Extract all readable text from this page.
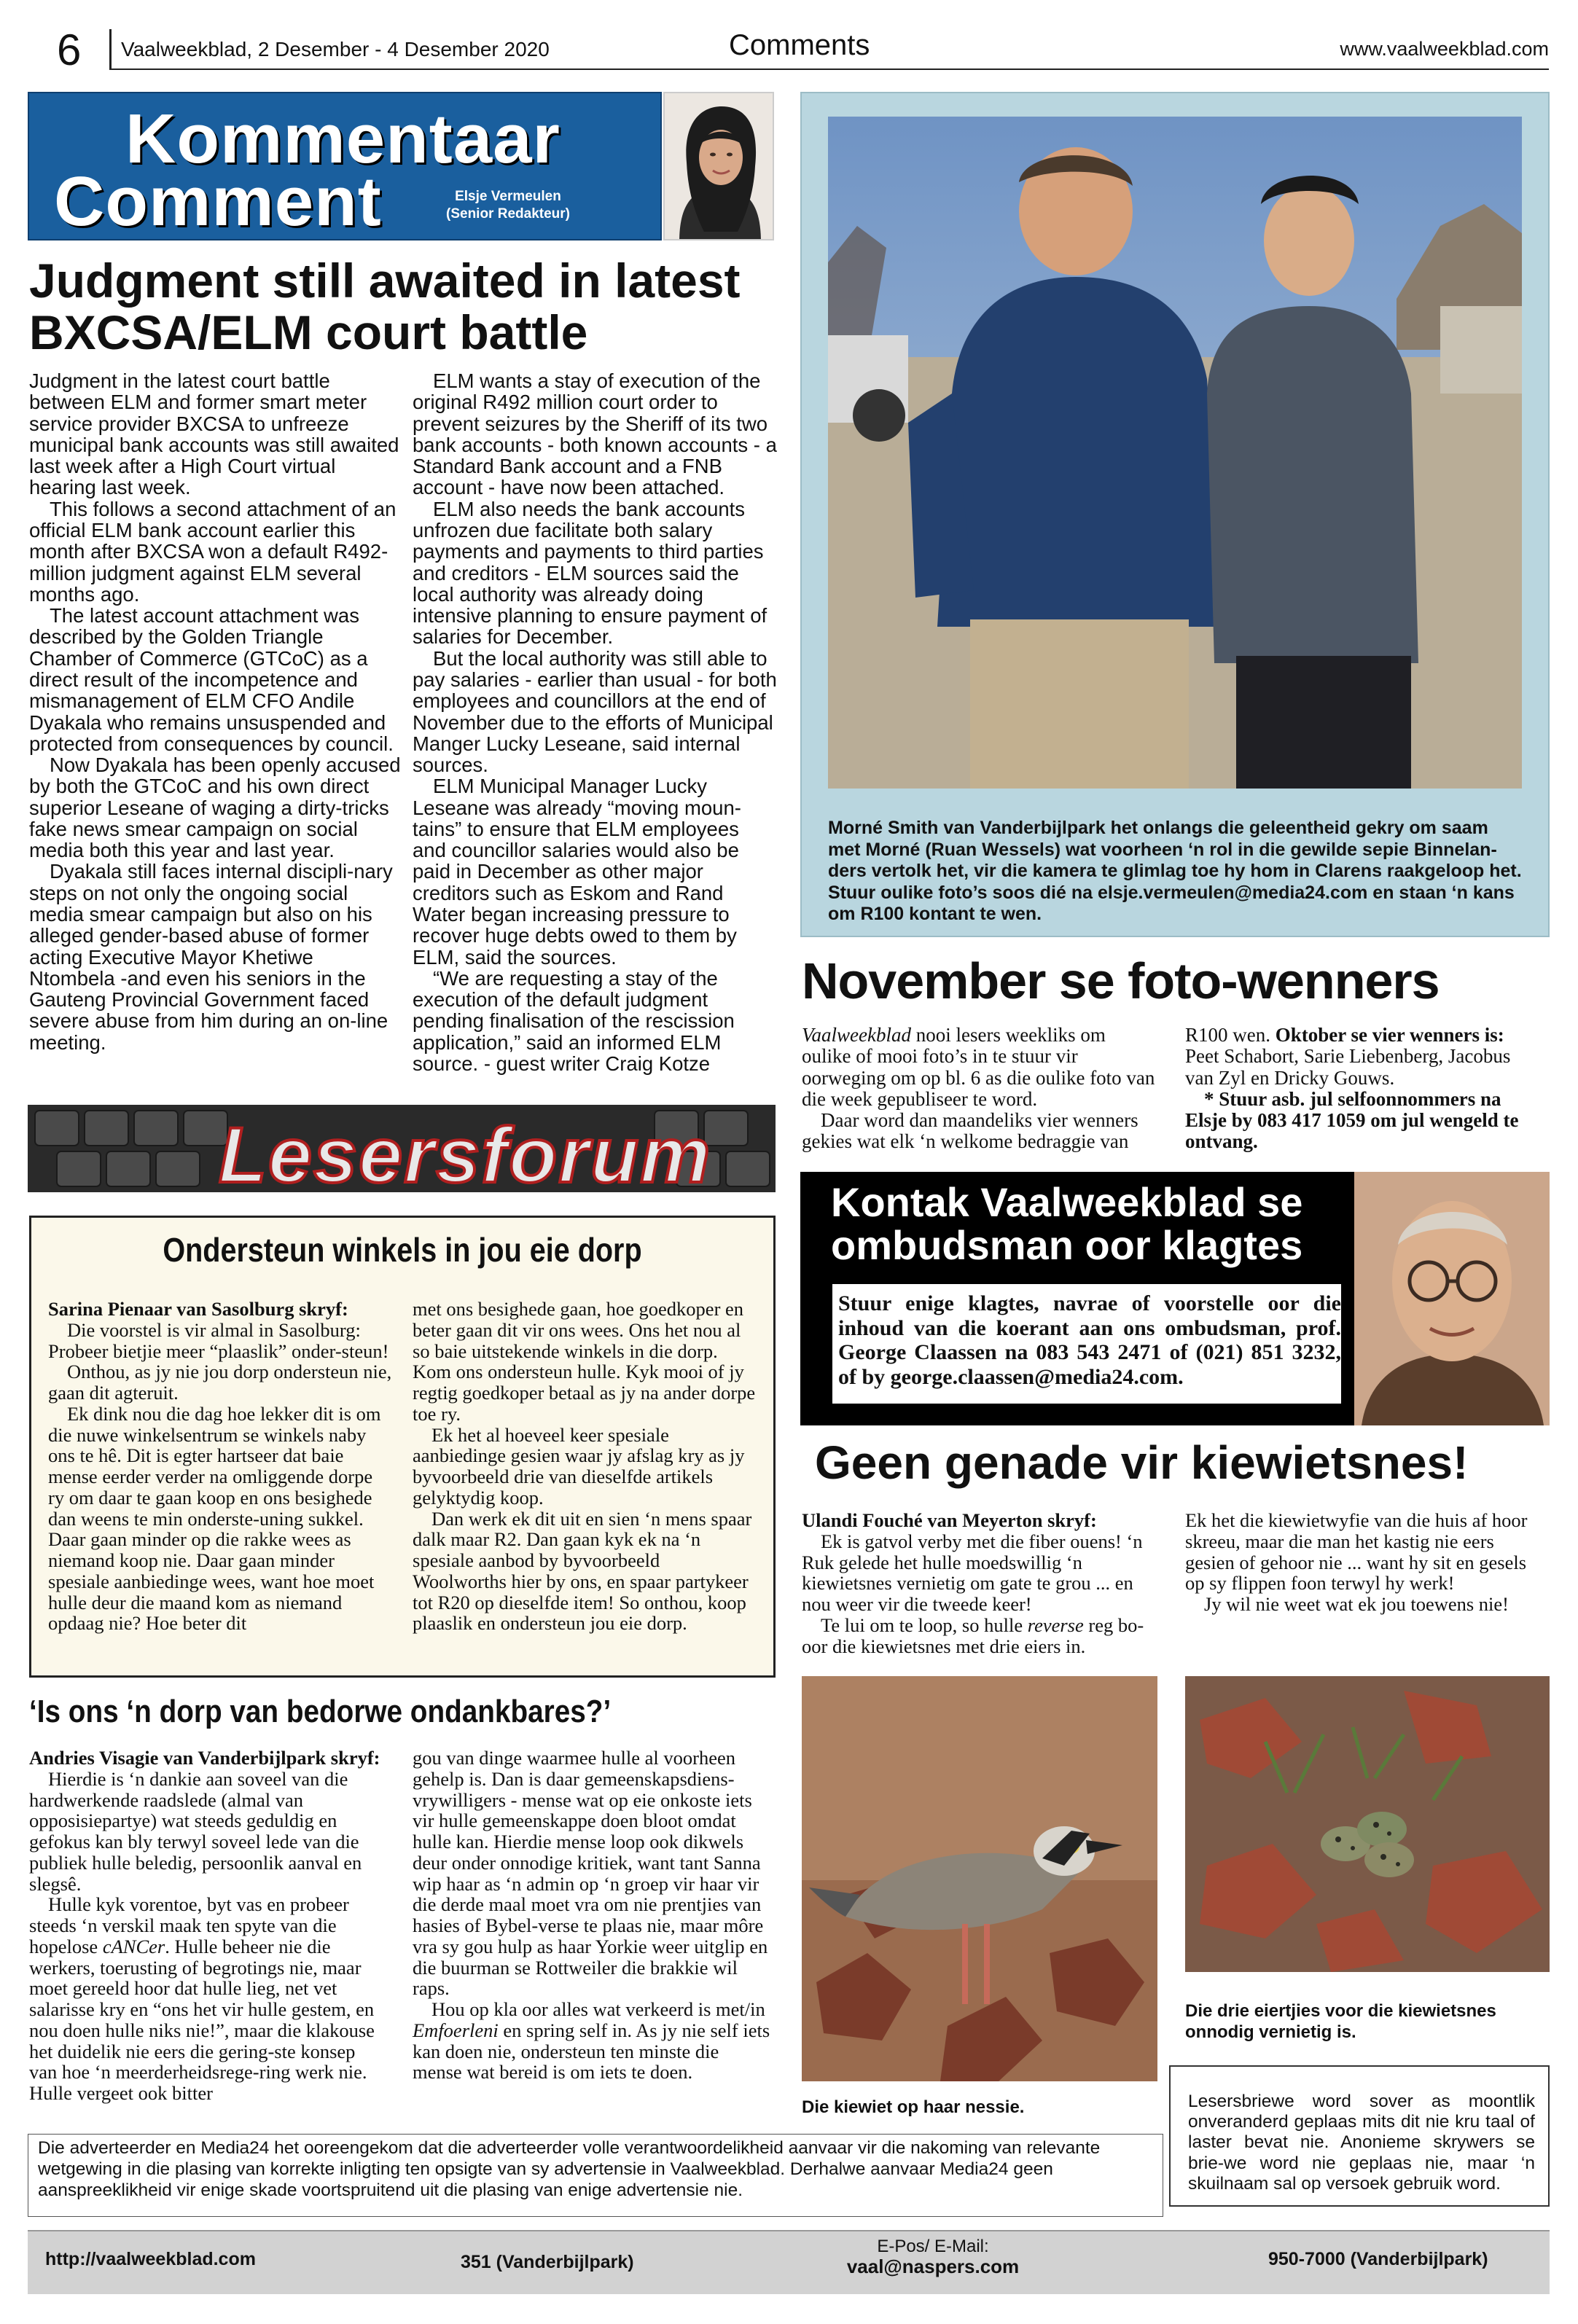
6 Vaalweekblad, 2 Desember - 4 Desember 2020	Comments	www.vaalweekblad.com
Kommentaar
Comment	Elsje Vermeulen
(Senior Redakteur)
Judgment still awaited in latest BXCSA/ELM court battle

Judgment in the latest court battle between ELM and former smart meter service provider BXCSA to unfreeze municipal bank accounts was still awaited last week after a High Court virtual hearing last week.

This follows a second attachment of an official ELM bank account earlier this month after BXCSA won a default R492-million judgment against ELM several months ago.

The latest account attachment was described by the Golden Triangle Chamber of Commerce (GTCoC) as a direct result of the incompetence and mismanagement of ELM CFO Andile Dyakala who remains unsuspended and protected from consequences by council.

Now Dyakala has been openly accused by both the GTCoC and his own direct superior Leseane of waging a dirty-tricks fake news smear campaign on social media both this year and last year.

Dyakala still faces internal discipli-nary steps on not only the ongoing social media smear campaign but also on his alleged gender-based abuse of former acting Executive Mayor Khetiwe Ntombela -and even his seniors in the Gauteng Provincial Government faced severe abuse from him during an on-line meeting.

ELM wants a stay of execution of the original R492 million court order to prevent seizures by the Sheriff of its two bank accounts - both known accounts - a Standard Bank account and a FNB account - have now been attached.

ELM also needs the bank accounts unfrozen due facilitate both salary payments and payments to third parties and creditors - ELM sources said the local authority was already doing intensive planning to ensure payment of salaries for December.

But the local authority was still able to pay salaries - earlier than usual - for both employees and councillors at the end of November due to the efforts of Municipal Manger Lucky Leseane, said internal sources.

ELM Municipal Manager Lucky Leseane was already “moving moun-tains” to ensure that ELM employees and councillor salaries would also be paid in December as other major creditors such as Eskom and Rand Water began increasing pressure to recover huge debts owed to them by ELM, said the sources.

“We are requesting a stay of the execution of the default judgment pending finalisation of the rescission application,” said an informed ELM source. - guest writer Craig Kotze

Morné Smith van Vanderbijlpark het onlangs die geleentheid gekry om saam met Morné (Ruan Wessels) wat voorheen ‘n rol in die gewilde sepie Binnelan-ders vertolk het, vir die kamera te glimlag toe hy hom in Clarens raakgeloop het. Stuur oulike foto’s soos dié na elsje.vermeulen@media24.com en staan ‘n kans om R100 kontant te wen.
November se foto-wenners

Vaalweekblad nooi lesers weekliks om oulike of mooi foto’s in te stuur vir oorweging om op bl. 6 as die oulike foto van die week gepubliseer te word.

Daar word dan maandeliks vier wenners gekies wat elk ‘n welkome bedraggie van

R100 wen. Oktober se vier wenners is: Peet Schabort, Sarie Liebenberg, Jacobus van Zyl en Dricky Gouws.

* Stuur asb. jul selfoonnommers na Elsje by 083 417 1059 om jul wengeld te ontvang.

Lesersforum
Ondersteun winkels in jou eie dorp

Sarina Pienaar van Sasolburg skryf:

Die voorstel is vir almal in Sasolburg: Probeer bietjie meer “plaaslik” onder-steun!

Onthou, as jy nie jou dorp ondersteun nie, gaan dit agteruit.

Ek dink nou die dag hoe lekker dit is om die nuwe winkelsentrum se winkels naby ons te hê. Dit is egter hartseer dat baie mense eerder verder na omliggende dorpe ry om daar te gaan koop en ons besighede dan weens te min onderste-uning sukkel. Daar gaan minder op die rakke wees as niemand koop nie. Daar gaan minder spesiale aanbiedinge wees, want hoe moet hulle deur die maand kom as niemand opdaag nie? Hoe beter dit

met ons besighede gaan, hoe goedkoper en beter gaan dit vir ons wees. Ons het nou al so baie uitstekende winkels in die dorp. Kom ons ondersteun hulle. Kyk mooi of jy regtig goedkoper betaal as jy na ander dorpe toe ry.

Ek het al hoeveel keer spesiale aanbiedinge gesien waar jy afslag kry as jy byvoorbeeld drie van dieselfde artikels gelyktydig koop.

Dan werk ek dit uit en sien ‘n mens spaar dalk maar R2. Dan gaan kyk ek na ‘n spesiale aanbod by byvoorbeeld Woolworths hier by ons, en spaar partykeer tot R20 op dieselfde item! So onthou, koop plaaslik en ondersteun jou eie dorp.

‘Is ons ‘n dorp van bedorwe ondankbares?’

Andries Visagie van Vanderbijlpark skryf:

Hierdie is ‘n dankie aan soveel van die hardwerkende raadslede (almal van opposisiepartye) wat steeds geduldig en gefokus kan bly terwyl soveel lede van die publiek hulle beledig, persoonlik aanval en slegsê.

Hulle kyk vorentoe, byt vas en probeer steeds ‘n verskil maak ten spyte van die hopelose cANCer. Hulle beheer nie die werkers, toerusting of begrotings nie, maar moet gereeld hoor dat hulle lieg, net vet salarisse kry en “ons het vir hulle gestem, en nou doen hulle niks nie!”, maar die klakouse het duidelik nie eers die gering-ste konsep van hoe ‘n meerderheidsrege-ring werk nie. Hulle vergeet ook bitter

gou van dinge waarmee hulle al voorheen gehelp is. Dan is daar gemeenskapsdiens-vrywilligers - mense wat op eie onkoste iets vir hulle gemeenskappe doen bloot omdat hulle kan. Hierdie mense loop ook dikwels deur onder onnodige kritiek, want tant Sanna wip haar as ‘n admin op ‘n groep vir haar vir die derde maal moet vra om nie prentjies van hasies of Bybel-verse te plaas nie, maar môre vra sy gou hulp as haar Yorkie weer uitglip en die buurman se Rottweiler die brakkie wil raps.

Hou op kla oor alles wat verkeerd is met/in Emfoerleni en spring self in. As jy nie self iets kan doen nie, ondersteun ten minste die mense wat bereid is om iets te doen.

Kontak Vaalweekblad se
ombudsman oor klagtes
Stuur enige klagtes, navrae of voorstelle oor die inhoud van die koerant aan ons ombudsman, prof. George Claassen na 083 543 2471 of (021) 851 3232, of by george.claassen@media24.com.
Geen genade vir kiewietsnes!

Ulandi Fouché van Meyerton skryf:

Ek is gatvol verby met die fiber ouens! ‘n Ruk gelede het hulle moedswillig ‘n kiewietsnes vernietig om gate te grou ... en nou weer vir die tweede keer!

Te lui om te loop, so hulle reverse reg bo-oor die kiewietsnes met drie eiers in.

Ek het die kiewietwyfie van die huis af hoor skreeu, maar die man het kastig nie eers gesien of gehoor nie ... want hy sit en gesels op sy flippen foon terwyl hy werk!

Jy wil nie weet wat ek jou toewens nie!

Die kiewiet op haar nessie.
Die drie eiertjies voor die kiewietsnes onnodig vernietig is.
Lesersbriewe word sover as moontlik onveranderd geplaas mits dit nie kru taal of laster bevat nie. Anonieme skrywers se brie-we word nie geplaas nie, maar ‘n skuilnaam sal op versoek gebruik word.
Die adverteerder en Media24 het ooreengekom dat die adverteerder volle verantwoordelikheid aanvaar vir die nakoming van relevante wetgewing in die plasing van korrekte inligting ten opsigte van sy advertensie in Vaalweekblad. Derhalwe aanvaar Media24 geen aanspreeklikheid vir enige skade voortspruitend uit die plasing van enige advertensie nie.
http://vaalweekblad.com	351 (Vanderbijlpark)
E-Pos/ E-Mail:
vaal@naspers.com	950-7000 (Vanderbijlpark)
